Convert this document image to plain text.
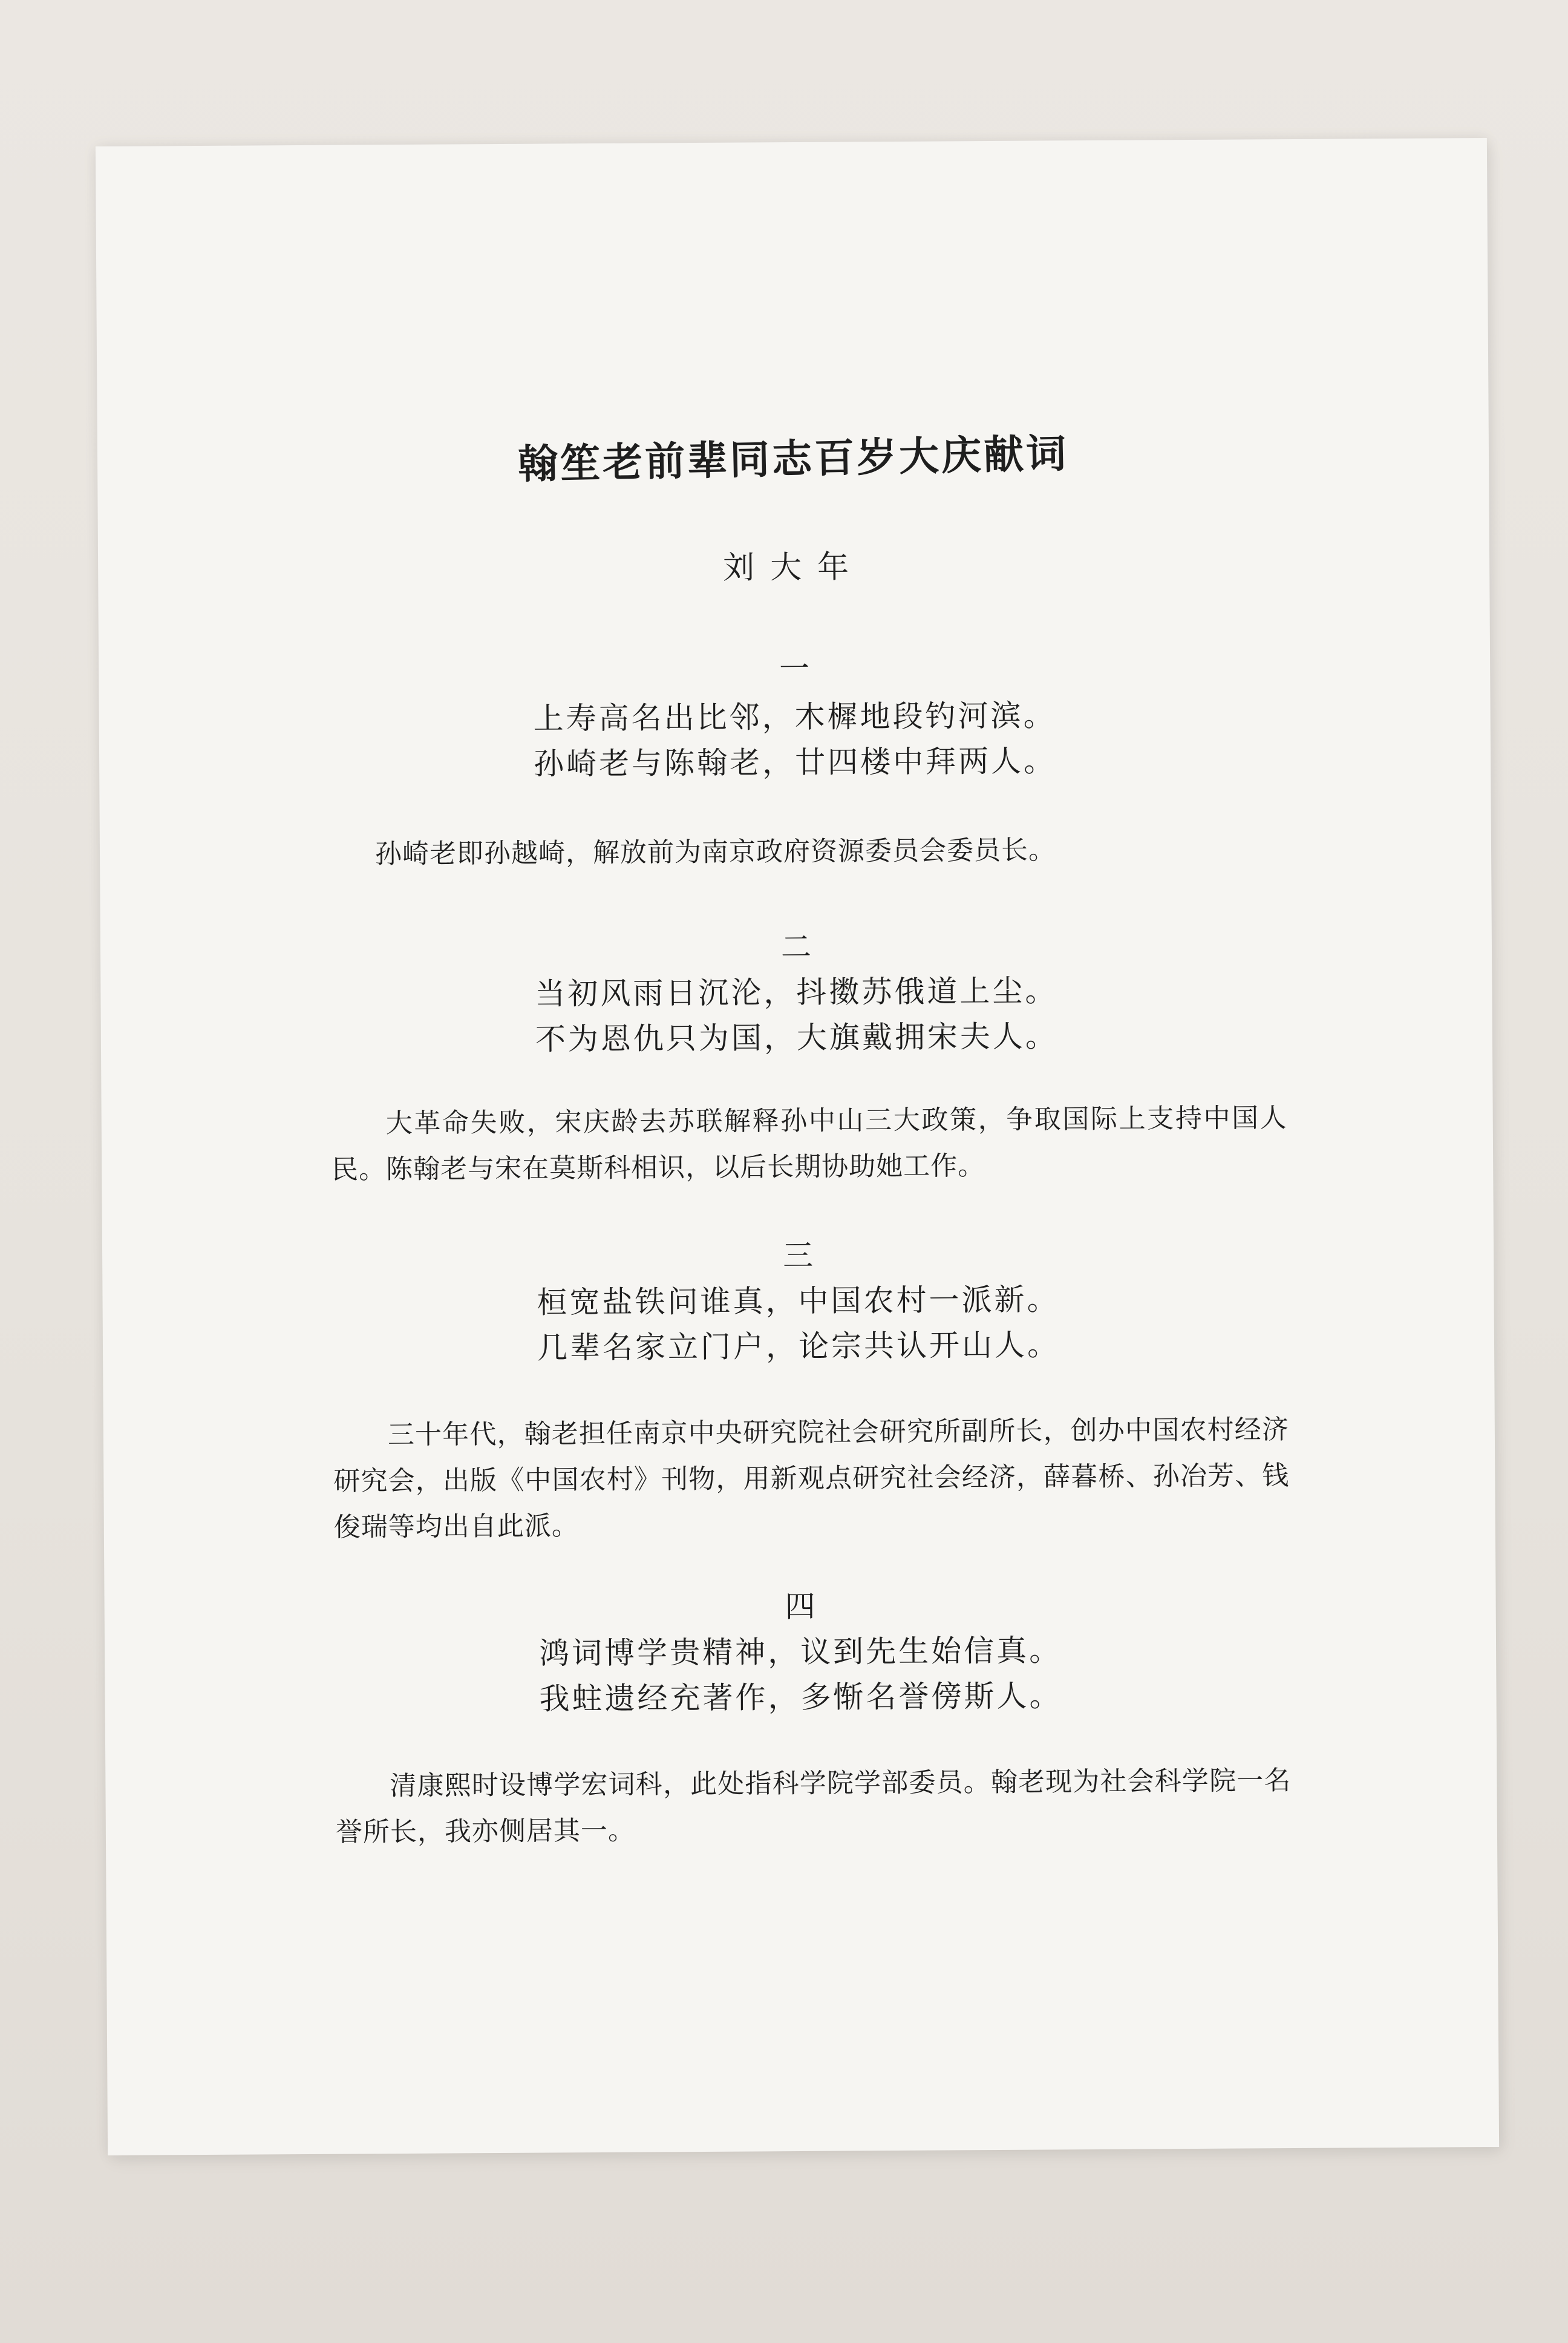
翰笙老前辈同志百岁大庆献词
刘大年
一
上寿高名出比邻，木樨地段钓河滨。
孙崎老与陈翰老，廿四楼中拜两人。

孙崎老即孙越崎，解放前为南京政府资源委员会委员长。

二
当初风雨日沉沦，抖擞苏俄道上尘。
不为恩仇只为国，大旗戴拥宋夫人。

大革命失败，宋庆龄去苏联解释孙中山三大政策，争取国际上支持中国人民。陈翰老与宋在莫斯科相识，以后长期协助她工作。

三
桓宽盐铁问谁真，中国农村一派新。
几辈名家立门户，论宗共认开山人。

三十年代，翰老担任南京中央研究院社会研究所副所长，创办中国农村经济研究会，出版《中国农村》刊物，用新观点研究社会经济，薛暮桥、孙冶芳、钱俊瑞等均出自此派。

四
鸿词博学贵精神，议到先生始信真。
我蛀遗经充著作，多惭名誉傍斯人。

清康熙时设博学宏词科，此处指科学院学部委员。翰老现为社会科学院一名誉所长，我亦侧居其一。
